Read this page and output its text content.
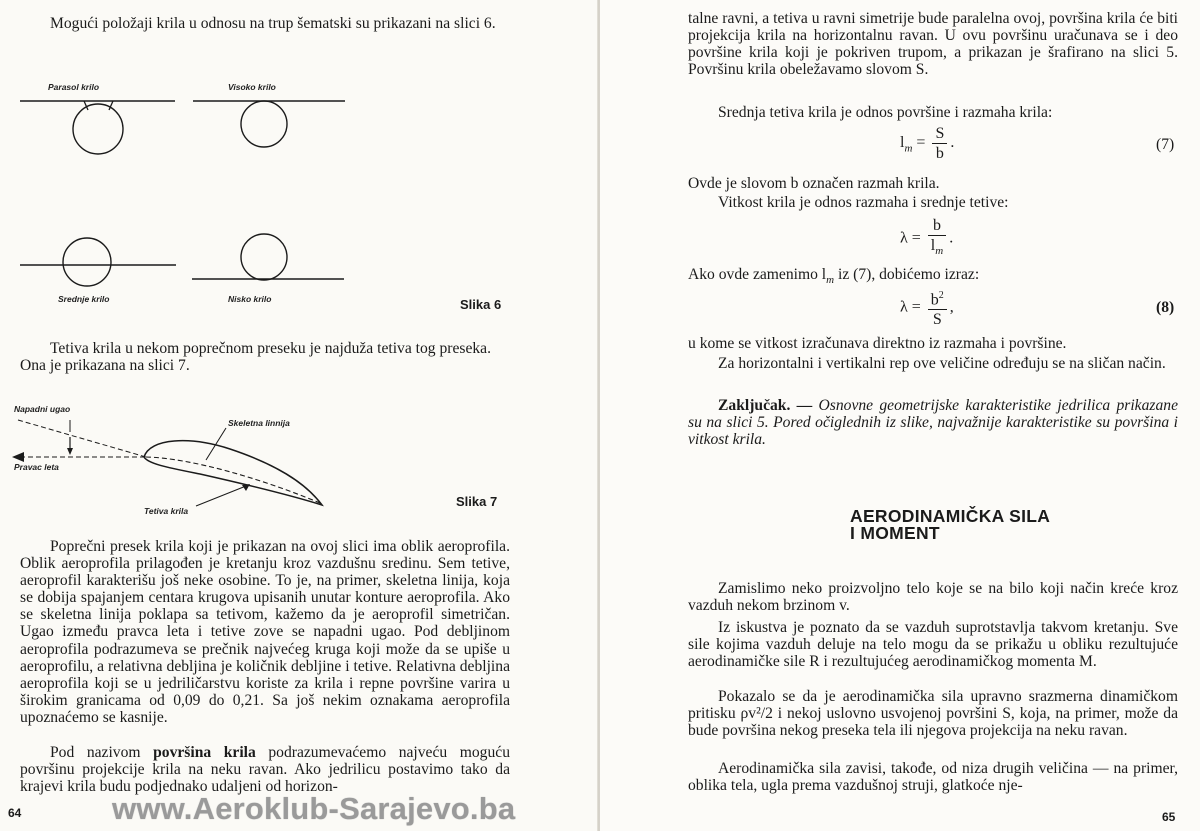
Mogući položaji krila u odnosu na trup šematski su prikazani na slici 6.

Parasol krilo	Visoko krilo
Srednje krilo	Nisko krilo	Slika 6

Tetiva krila u nekom poprečnom preseku je najduža tetiva tog preseka. Ona je prikazana na slici 7.

Napadni ugao
Skeletna linnija
Pravac leta
Tetiva krila
Slika 7

Poprečni presek krila koji je prikazan na ovoj slici ima oblik aeroprofila. Oblik aeroprofila prilagođen je kretanju kroz vazdušnu sredinu. Sem tetive, aeroprofil karakterišu još neke osobine. To je, na primer, skeletna linija, koja se dobija spajanjem centara krugova upisanih unutar konture aeroprofila. Ako se skeletna linija poklapa sa tetivom, kažemo da je aeroprofil simetričan. Ugao između pravca leta i tetive zove se napadni ugao. Pod debljinom aeroprofila podrazumeva se prečnik najvećeg kruga koji može da se upiše u aeroprofilu, a relativna debljina je količnik debljine i tetive. Relativna debljina aeroprofila koji se u jedriličarstvu koriste za krila i repne površine varira u širokim granicama od 0,09 do 0,21. Sa još nekim oznakama aeroprofila upoznaćemo se kasnije.

Pod nazivom površina krila podrazumevaćemo najveću moguću površinu projekcije krila na neku ravan. Ako jedrilicu postavimo tako da krajevi krila budu podjednako udaljeni od horizon-

64	www.Aeroklub-Sarajevo.ba

talne ravni, a tetiva u ravni simetrije bude paralelna ovoj, površina krila će biti projekcija krila na horizontalnu ravan. U ovu površinu uračunava se i deo površine krila koji je pokriven trupom, a prikazan je šrafirano na slici 5. Površinu krila obeležavamo slovom S.

Srednja tetiva krila je odnos površine i razmaha krila:

$l_m = \frac{S}{b}$ .	(7)

Ovde je slovom b označen razmah krila.

Vitkost krila je odnos razmaha i srednje tetive:

$\lambda = \frac{b}{l_m}$ .

Ako ovde zamenimo $l_m$ iz (7), dobićemo izraz:

$\lambda = \frac{b^2}{S}$ ,	(8)

u kome se vitkost izračunava direktno iz razmaha i površine.

Za horizontalni i vertikalni rep ove veličine određuju se na sličan način.

Zaključak. — Osnovne geometrijske karakteristike jedrilica prikazane su na slici 5. Pored očiglednih iz slike, najvažnije karakteristike su površina i vitkost krila.

AERODINAMIČKA SILA
I MOMENT

Zamislimo neko proizvoljno telo koje se na bilo koji način kreće kroz vazduh nekom brzinom v.

Iz iskustva je poznato da se vazduh suprotstavlja takvom kretanju. Sve sile kojima vazduh deluje na telo mogu da se prikažu u obliku rezultujuće aerodinamičke sile R i rezultujućeg aerodinamičkog momenta M.

Pokazalo se da je aerodinamička sila upravno srazmerna dinamičkom pritisku ρv²/2 i nekoj uslovno usvojenoj površini S, koja, na primer, može da bude površina nekog preseka tela ili njegova projekcija na neku ravan.

Aerodinamička sila zavisi, takođe, od niza drugih veličina — na primer, oblika tela, ugla prema vazdušnoj struji, glatkoće nje-

65
